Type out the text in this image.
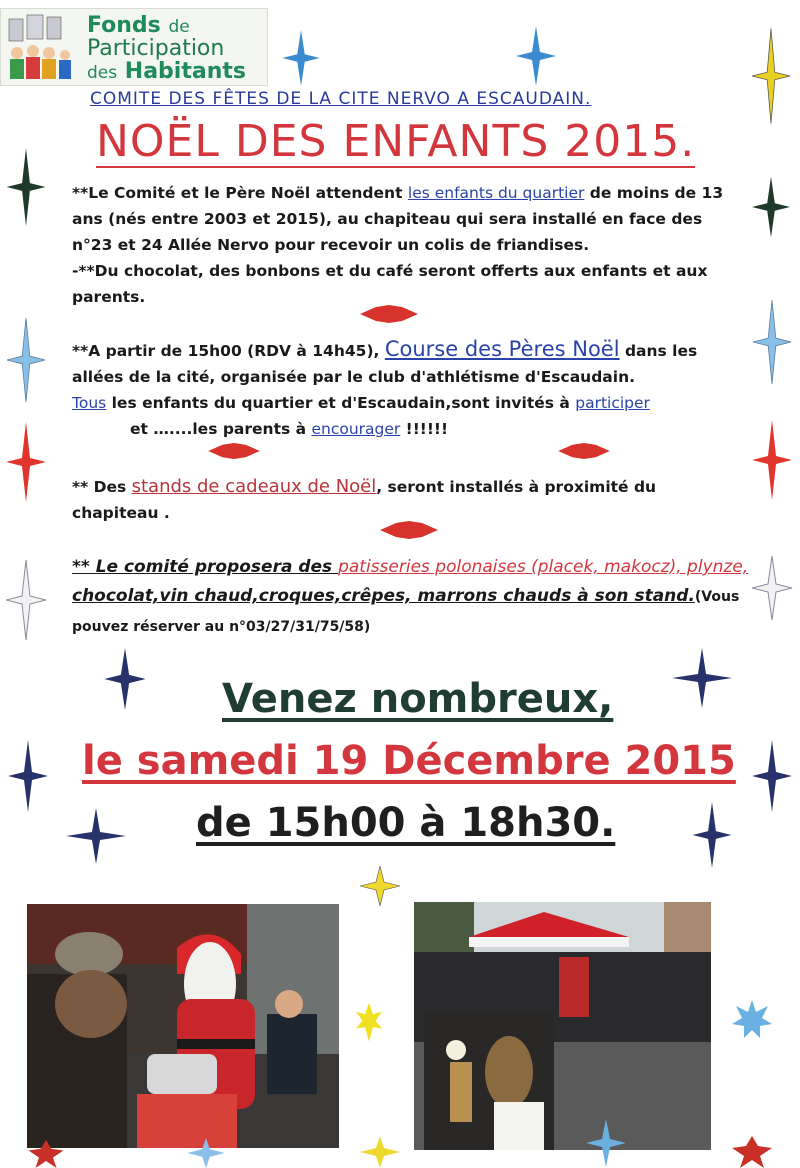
Fonds de
Participation
des Habitants
COMITE DES FÊTES DE LA CITE NERVO A ESCAUDAIN.
NOËL DES ENFANTS 2015.
**Le Comité et le Père Noël attendent les enfants du quartier de moins de 13 ans (nés entre 2003 et 2015), au chapiteau qui sera installé en face des n°23 et 24 Allée Nervo pour recevoir un colis de friandises.
-**Du chocolat, des bonbons et du café seront offerts aux enfants et aux parents.
**A partir de 15h00 (RDV à 14h45), Course des Pères Noël dans les allées de la cité, organisée par le club d'athlétisme d'Escaudain.
Tous les enfants du quartier et d'Escaudain,sont invités à participer
et …....les parents à encourager !!!!!!
** Des stands de cadeaux de Noël, seront installés à proximité du chapiteau .
** Le comité proposera des patisseries polonaises (placek, makocz), plynze, chocolat,vin chaud,croques,crêpes, marrons chauds à son stand.(Vous pouvez réserver au n°03/27/31/75/58)
Venez nombreux,
le samedi 19 Décembre 2015
de 15h00 à 18h30.
